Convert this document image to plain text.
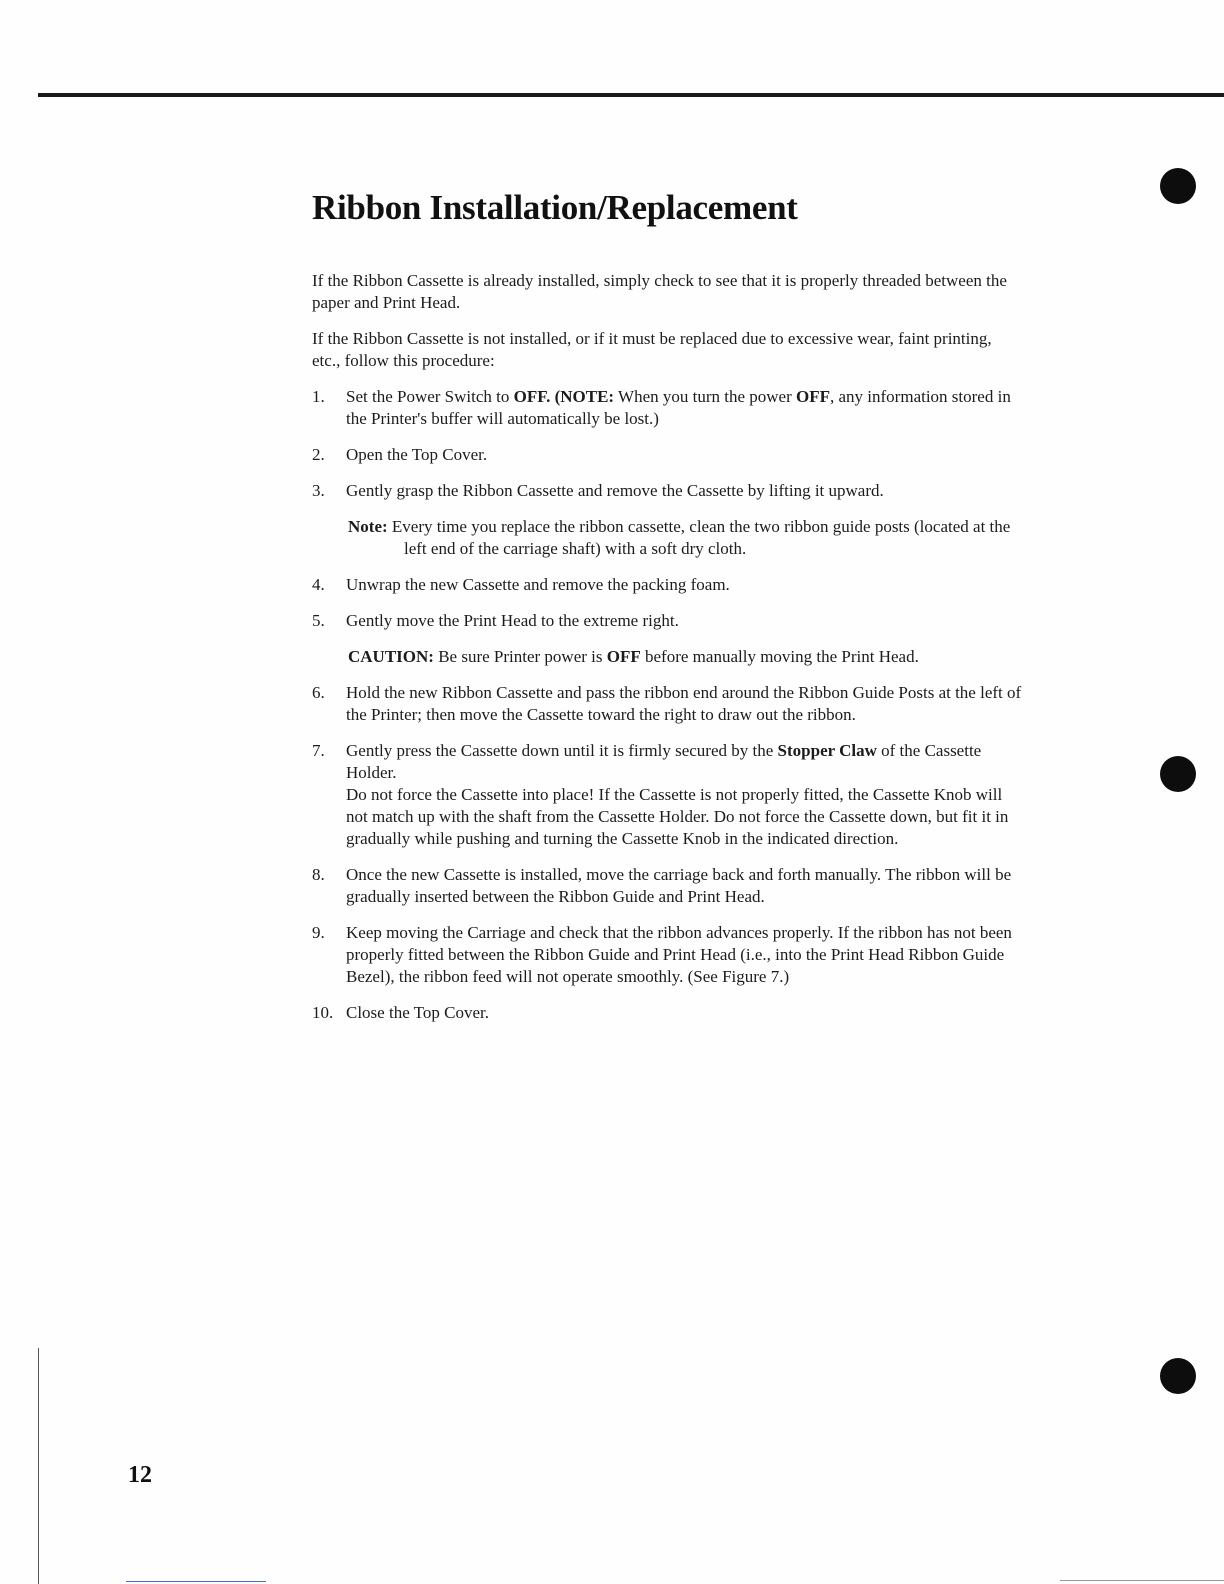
Ribbon Installation/Replacement

If the Ribbon Cassette is already installed, simply check to see that it is properly threaded between the paper and Print Head.

If the Ribbon Cassette is not installed, or if it must be replaced due to excessive wear, faint printing, etc., follow this procedure:

1. Set the Power Switch to OFF. (NOTE: When you turn the power OFF, any information stored in the Printer's buffer will automatically be lost.)
2. Open the Top Cover.
3. Gently grasp the Ribbon Cassette and remove the Cassette by lifting it upward.
Note: Every time you replace the ribbon cassette, clean the two ribbon guide posts (located at the left end of the carriage shaft) with a soft dry cloth.
4. Unwrap the new Cassette and remove the packing foam.
5. Gently move the Print Head to the extreme right.
CAUTION: Be sure Printer power is OFF before manually moving the Print Head.
6. Hold the new Ribbon Cassette and pass the ribbon end around the Ribbon Guide Posts at the left of the Printer; then move the Cassette toward the right to draw out the ribbon.
7. Gently press the Cassette down until it is firmly secured by the Stopper Claw of the Cassette Holder.
Do not force the Cassette into place! If the Cassette is not properly fitted, the Cassette Knob will not match up with the shaft from the Cassette Holder. Do not force the Cassette down, but fit it in gradually while pushing and turning the Cassette Knob in the indicated direction.
8. Once the new Cassette is installed, move the carriage back and forth manually. The ribbon will be gradually inserted between the Ribbon Guide and Print Head.
9. Keep moving the Carriage and check that the ribbon advances properly. If the ribbon has not been properly fitted between the Ribbon Guide and Print Head (i.e., into the Print Head Ribbon Guide Bezel), the ribbon feed will not operate smoothly. (See Figure 7.)
10. Close the Top Cover.
12
